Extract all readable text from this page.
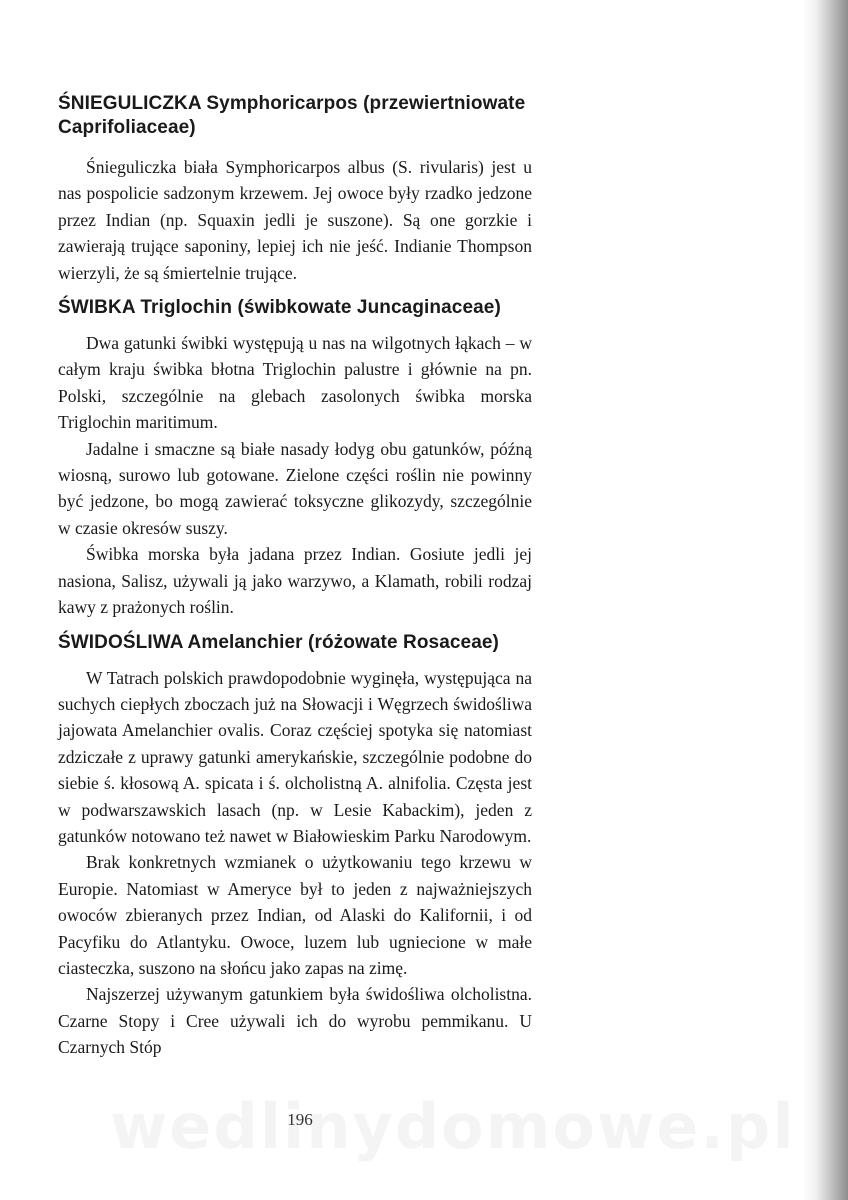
ŚNIEGULICZKA Symphoricarpos (przewiertniowate Caprifoliaceae)

Śnieguliczka biała Symphoricarpos albus (S. rivularis) jest u nas pospolicie sadzonym krzewem. Jej owoce były rzadko jedzone przez Indian (np. Squaxin jedli je suszone). Są one gorzkie i zawierają trujące saponiny, lepiej ich nie jeść. Indianie Thompson wierzyli, że są śmiertelnie trujące.

ŚWIBKA Triglochin (świbkowate Juncaginaceae)

Dwa gatunki świbki występują u nas na wilgotnych łąkach – w całym kraju świbka błotna Triglochin palustre i głównie na pn. Polski, szczególnie na glebach zasolonych świbka morska Triglochin maritimum.

Jadalne i smaczne są białe nasady łodyg obu gatunków, późną wiosną, surowo lub gotowane. Zielone części roślin nie powinny być jedzone, bo mogą zawierać toksyczne glikozydy, szczególnie w czasie okresów suszy.

Świbka morska była jadana przez Indian. Gosiute jedli jej nasiona, Salisz, używali ją jako warzywo, a Klamath, robili rodzaj kawy z prażonych roślin.

ŚWIDOŚLIWA Amelanchier (różowate Rosaceae)

W Tatrach polskich prawdopodobnie wyginęła, występująca na suchych ciepłych zboczach już na Słowacji i Węgrzech świdośliwa jajowata Amelanchier ovalis. Coraz częściej spotyka się natomiast zdziczałe z uprawy gatunki amerykańskie, szczególnie podobne do siebie ś. kłosową A. spicata i ś. olcholistną A. alnifolia. Częsta jest w podwarszawskich lasach (np. w Lesie Kabackim), jeden z gatunków notowano też nawet w Białowieskim Parku Narodowym.

Brak konkretnych wzmianek o użytkowaniu tego krzewu w Europie. Natomiast w Ameryce był to jeden z najważniejszych owoców zbieranych przez Indian, od Alaski do Kalifornii, i od Pacyfiku do Atlantyku. Owoce, luzem lub ugniecione w małe ciasteczka, suszono na słońcu jako zapas na zimę.

Najszerzej używanym gatunkiem była świdośliwa olcholistna. Czarne Stopy i Cree używali ich do wyrobu pemmikanu. U Czarnych Stóp

196
